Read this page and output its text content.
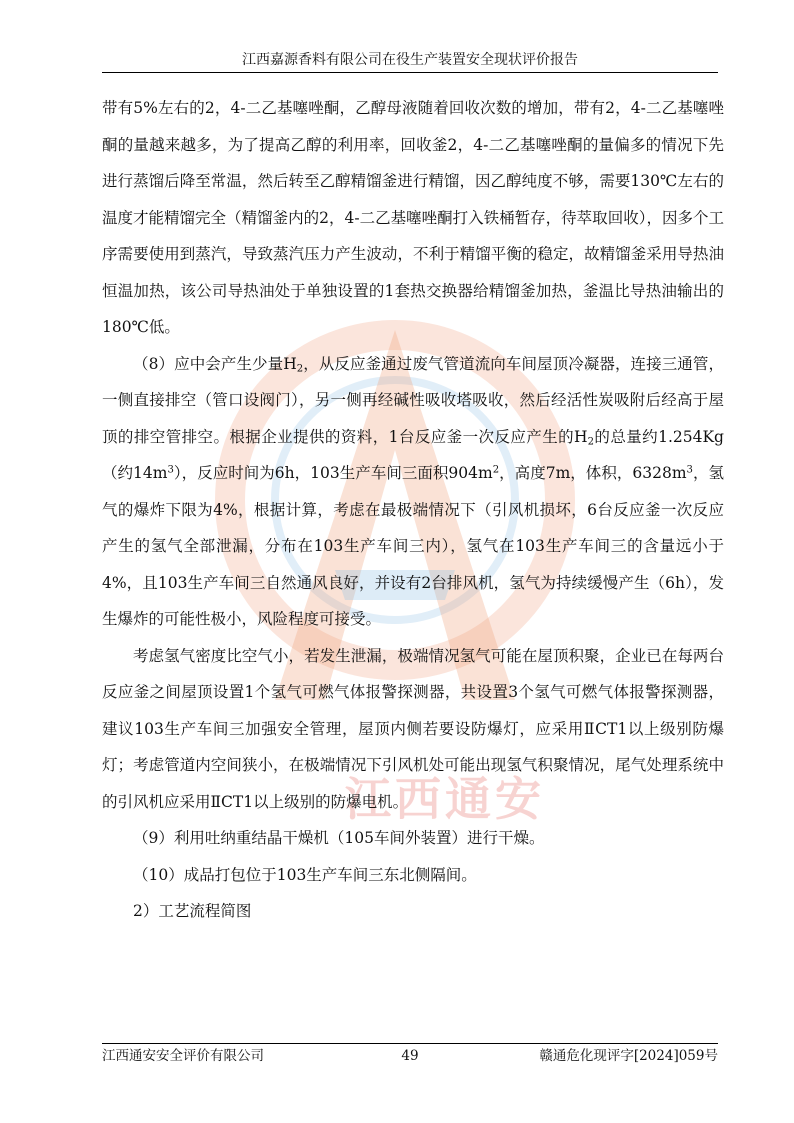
江西通安
江西嘉源香料有限公司在役生产装置安全现状评价报告

带有5%左右的2，4-二乙基噻唑酮，乙醇母液随着回收次数的增加，带有2，4-二乙基噻唑酮的量越来越多，为了提高乙醇的利用率，回收釜2，4-二乙基噻唑酮的量偏多的情况下先进行蒸馏后降至常温，然后转至乙醇精馏釜进行精馏，因乙醇纯度不够，需要130℃左右的温度才能精馏完全（精馏釜内的2，4-二乙基噻唑酮打入铁桶暂存，待萃取回收），因多个工序需要使用到蒸汽，导致蒸汽压力产生波动，不利于精馏平衡的稳定，故精馏釜采用导热油恒温加热，该公司导热油处于单独设置的1套热交换器给精馏釜加热，釜温比导热油输出的180℃低。

（8）应中会产生少量$H_2$，从反应釜通过废气管道流向车间屋顶冷凝器，连接三通管，一侧直接排空（管口设阀门），另一侧再经碱性吸收塔吸收，然后经活性炭吸附后经高于屋顶的排空管排空。根据企业提供的资料，1台反应釜一次反应产生的$H_2$的总量约1.254Kg（约$14m^3$），反应时间为6h，103生产车间三面积$904m^2$，高度7m，体积，$6328m^3$，氢气的爆炸下限为4%，根据计算，考虑在最极端情况下（引风机损坏，6台反应釜一次反应产生的氢气全部泄漏，分布在103生产车间三内），氢气在103生产车间三的含量远小于4%，且103生产车间三自然通风良好，并设有2台排风机，氢气为持续缓慢产生（6h），发生爆炸的可能性极小，风险程度可接受。

考虑氢气密度比空气小，若发生泄漏，极端情况氢气可能在屋顶积聚，企业已在每两台反应釜之间屋顶设置1个氢气可燃气体报警探测器，共设置3个氢气可燃气体报警探测器，建议103生产车间三加强安全管理，屋顶内侧若要设防爆灯，应采用ⅡCT1以上级别防爆灯；考虑管道内空间狭小，在极端情况下引风机处可能出现氢气积聚情况，尾气处理系统中的引风机应采用ⅡCT1以上级别的防爆电机。

（9）利用吐纳重结晶干燥机（105车间外装置）进行干燥。

（10）成品打包位于103生产车间三东北侧隔间。

2）工艺流程简图

江西通安安全评价有限公司	49	赣通危化现评字[2024]059号
